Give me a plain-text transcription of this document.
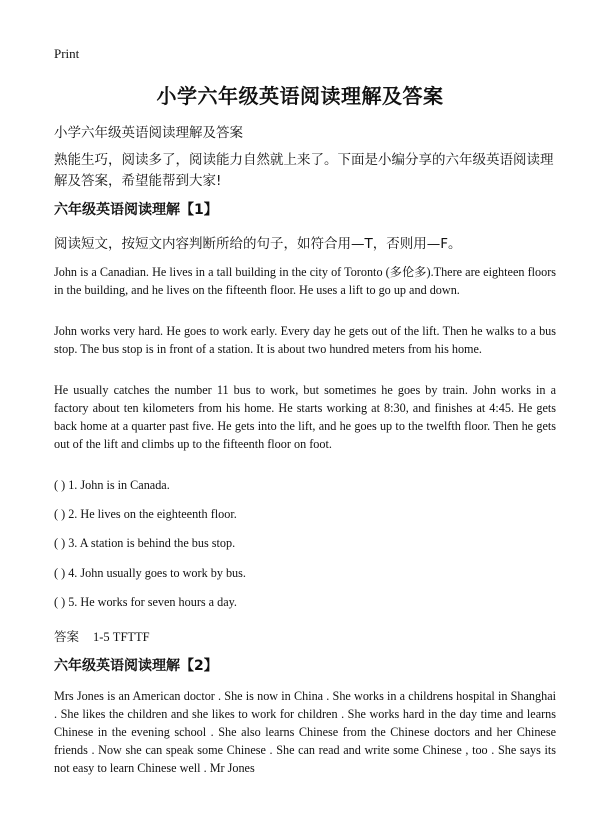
Print

小学六年级英语阅读理解及答案

小学六年级英语阅读理解及答案

熟能生巧，阅读多了，阅读能力自然就上来了。下面是小编分享的六年级英语阅读理解及答案，希望能帮到大家!

六年级英语阅读理解【1】

阅读短文，按短文内容判断所给的句子，如符合用—T，否则用—F。

John is a Canadian. He lives in a tall building in the city of Toronto (多伦多).There are eighteen floors in the building, and he lives on the fifteenth floor. He uses a lift to go up and down.

John works very hard. He goes to work early. Every day he gets out of the lift. Then he walks to a bus stop. The bus stop is in front of a station. It is about two hundred meters from his home.

He usually catches the number 11 bus to work, but sometimes he goes by train. John works in a factory about ten kilometers from his home. He starts working at 8:30, and finishes at 4:45. He gets back home at a quarter past five. He gets into the lift, and he goes up to the twelfth floor. Then he gets out of the lift and climbs up to the fifteenth floor on foot.

( ) 1. John is in Canada.

( ) 2. He lives on the eighteenth floor.

( ) 3. A station is behind the bus stop.

( ) 4. John usually goes to work by bus.

( ) 5. He works for seven hours a day.

答案 1-5 TFTTF

六年级英语阅读理解【2】

Mrs Jones is an American doctor . She is now in China . She works in a childrens hospital in Shanghai . She likes the children and she likes to work for children . She works hard in the day time and learns Chinese in the evening school . She also learns Chinese from the Chinese doctors and her Chinese friends . Now she can speak some Chinese . She can read and write some Chinese , too . She says its not easy to learn Chinese well . Mr Jones
